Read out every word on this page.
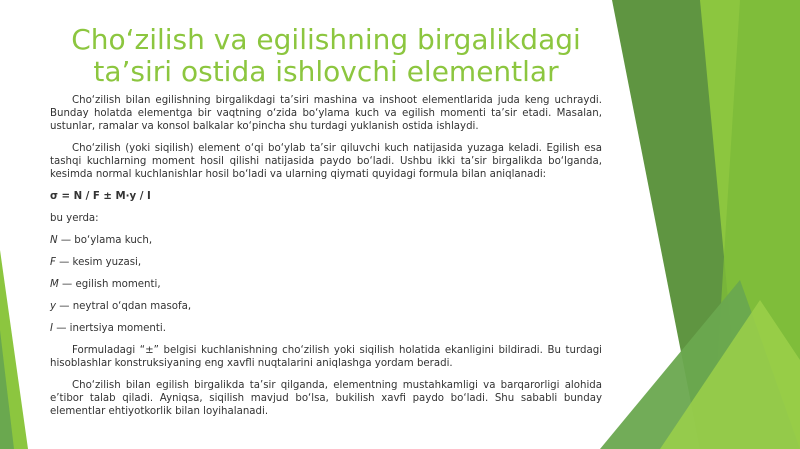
Cho‘zilish va egilishning birgalikdagi
ta’siri ostida ishlovchi elementlar

Cho‘zilish bilan egilishning birgalikdagi ta’siri mashina va inshoot elementlarida juda keng uchraydi. Bunday holatda elementga bir vaqtning o‘zida bo‘ylama kuch va egilish momenti ta’sir etadi. Masalan, ustunlar, ramalar va konsol balkalar ko‘pincha shu turdagi yuklanish ostida ishlaydi.

Cho‘zilish (yoki siqilish) element o‘qi bo‘ylab ta’sir qiluvchi kuch natijasida yuzaga keladi. Egilish esa tashqi kuchlarning moment hosil qilishi natijasida paydo bo‘ladi. Ushbu ikki ta’sir birgalikda bo‘lganda, kesimda normal kuchlanishlar hosil bo‘ladi va ularning qiymati quyidagi formula bilan aniqlanadi:

σ = N / F ± M·y / I

bu yerda:

N — bo‘ylama kuch,

F — kesim yuzasi,

M — egilish momenti,

y — neytral o‘qdan masofa,

I — inertsiya momenti.

Formuladagi “±” belgisi kuchlanishning cho‘zilish yoki siqilish holatida ekanligini bildiradi. Bu turdagi hisoblashlar konstruksiyaning eng xavfli nuqtalarini aniqlashga yordam beradi.

Cho‘zilish bilan egilish birgalikda ta’sir qilganda, elementning mustahkamligi va barqarorligi alohida e’tibor talab qiladi. Ayniqsa, siqilish mavjud bo‘lsa, bukilish xavfi paydo bo‘ladi. Shu sababli bunday elementlar ehtiyotkorlik bilan loyihalanadi.
